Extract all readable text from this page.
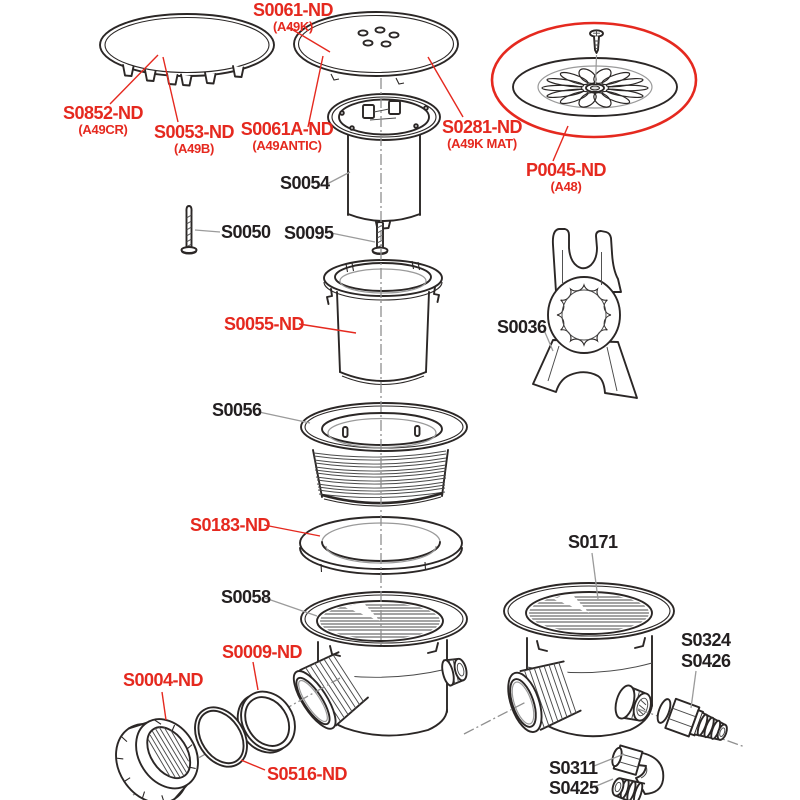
S0061-ND
(A49K)
S0852-ND
(A49CR)	S0053-ND
(A49B)
S0061A-ND
(A49ANTIC)
S0281-ND
(A49K MAT)
P0045-ND
(A48)
S0055-ND
S0183-ND
S0009-ND
S0004-ND
S0516-ND
S0054
S0050 S0095
S0036
S0056
S0058
S0171
S0324
S0426
S0311
S0425
